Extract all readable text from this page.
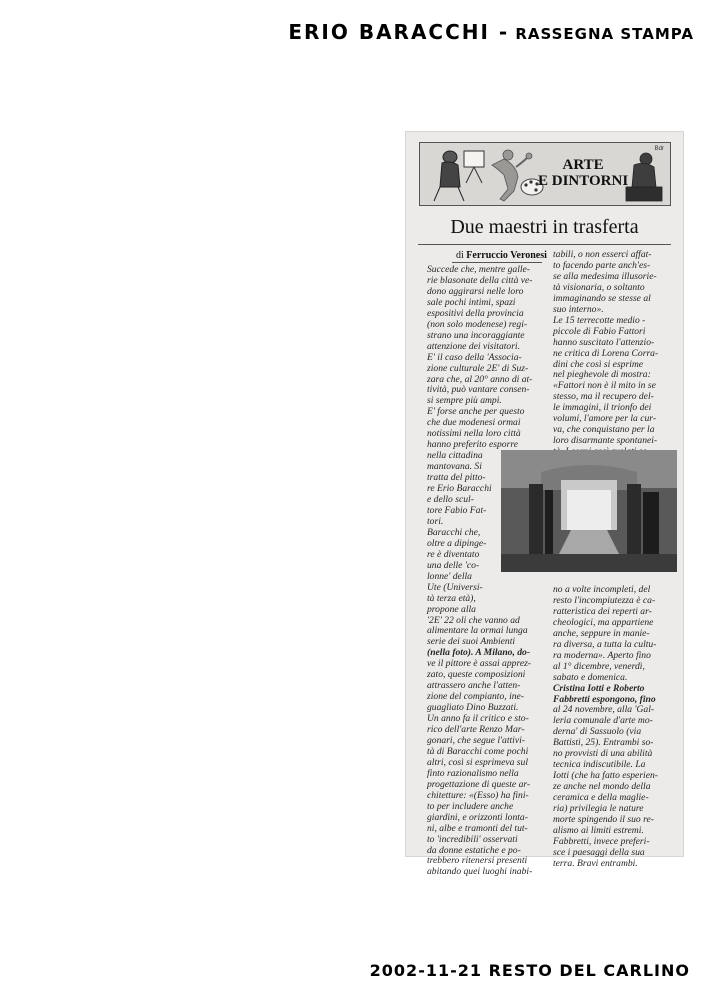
ERIO BARACCHI - RASSEGNA STAMPA
ARTE
E DINTORNI
Bdr
Due maestri in trasferta
di Ferruccio Veronesi

Succede che, mentre galle-

rie blasonate della città ve-

dono aggirarsi nelle loro

sale pochi intimi, spazi

espositivi della provincia

(non solo modenese) regi-

strano una incoraggiante

attenzione dei visitatori.

E' il caso della 'Associa-

zione culturale 2E' di Suz-

zara che, al 20° anno di at-

tività, può vantare consen-

si sempre più ampi.

E' forse anche per questo

che due modenesi ormai

notissimi nella loro città

hanno preferito esporre

nella cittadina

mantovana. Si

tratta del pitto-

re Erio Baracchi

e dello scul-

tore Fabio Fat-

tori.

Baracchi che,

oltre a dipinge-

re è diventato

una delle 'co-

lonne' della

Ute (Universi-

tà terza età),

propone alla

'2E' 22 oli che vanno ad

alimentare la ormai lunga

serie dei suoi Ambienti

(nella foto). A Milano, do-

ve il pittore è assai apprez-

zato, queste composizioni

attrassero anche l'atten-

zione del compianto, ine-

guagliato Dino Buzzati.

Un anno fa il critico e sto-

rico dell'arte Renzo Mar-

gonari, che segue l'attivi-

tà di Baracchi come pochi

altri, così si esprimeva sul

finto razionalismo nella

progettazione di queste ar-

chitetture: «(Esso) ha fini-

to per includere anche

giardini, e orizzonti lonta-

ni, albe e tramonti del tut-

to 'incredibili' osservati

da donne estatiche e po-

trebbero ritenersi presenti

abitando quei luoghi inabi-

tabili, o non esserci affat-

to facendo parte anch'es-

se alla medesima illusorie-

tà visionaria, o soltanto

immaginando se stesse al

suo interno».

Le 15 terrecotte medio -

piccole di Fabio Fattori

hanno suscitato l'attenzio-

ne critica di Lorena Corra-

dini che così si esprime

nel pieghevole di mostra:

«Fattori non è il mito in se

stesso, ma il recupero del-

le immagini, il trionfo dei

volumi, l'amore per la cur-

va, che conquistano per la

loro disarmante spontanei-

no a volte incompleti, del

resto l'incompiutezza è ca-

ratteristica dei reperti ar-

cheologici, ma appartiene

anche, seppure in manie-

ra diversa, a tutta la cultu-

ra moderna». Aperto fino

al 1° dicembre, venerdì,

sabato e domenica.

Cristina Iotti e Roberto

Fabbretti espongono, fino

al 24 novembre, alla 'Gal-

leria comunale d'arte mo-

derna' di Sassuolo (via

Battisti, 25). Entrambi so-

no provvisti di una abilità

tecnica indiscutibile. La

Iotti (che ha fatto esperien-

ze anche nel mondo della

ceramica e della maglie-

ria) privilegia le nature

morte spingendo il suo re-

alismo ai limiti estremi.

Fabbretti, invece preferi-

sce i paesaggi della sua

terra. Bravi entrambi.

2002-11-21 RESTO DEL CARLINO
